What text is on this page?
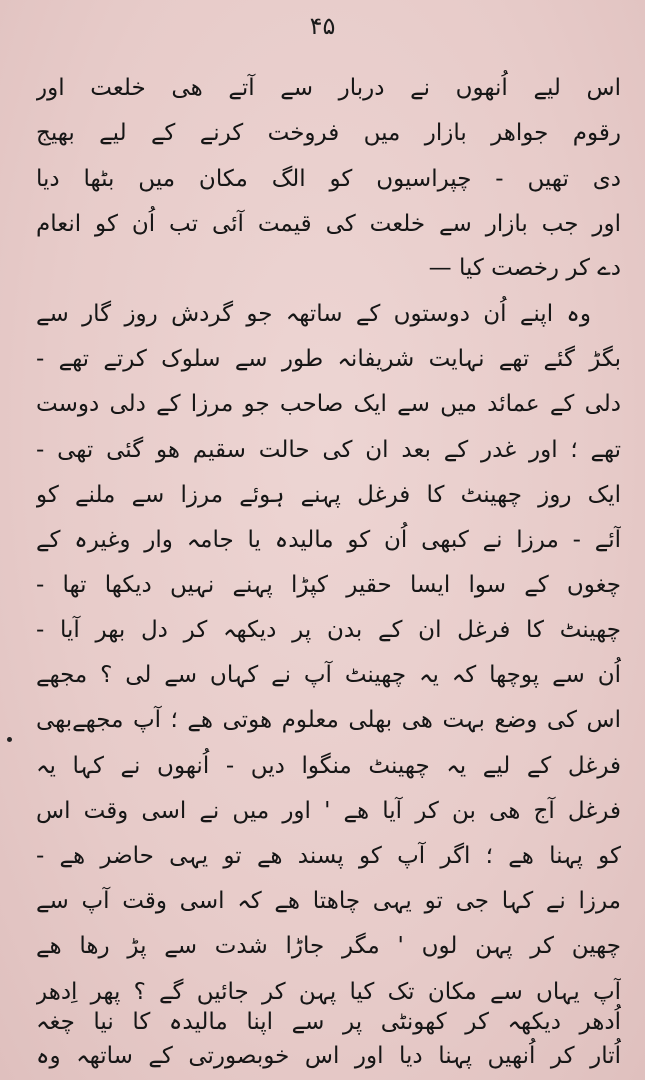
۴۵
اس لیے اُنھوں نے دربار سے آتے ھی خلعت اور
رقوم جواھر بازار میں فروخت کرنے کے لیے بھیج
دی تھیں - چپراسیوں کو الگ مکان میں بٹھا دیا
اور جب بازار سے خلعت کی قیمت آئی تب اُن کو انعام
دے کر رخصت کیا —
وہ اپنے اُن دوستوں کے ساتھہ جو گردش روز گار سے
بگڑ گئے تھے نہایت شریفانہ طور سے سلوک کرتے تھے -
دلی کے عمائد میں سے ایک صاحب جو مرزا کے دلی دوست
تھے ؛ اور غدر کے بعد ان کی حالت سقیم ھو گئی تھی -
ایک روز چھینٹ کا فرغل پہنے ہوئے مرزا سے ملنے کو
آئے - مرزا نے کبھی اُن کو مالیدہ یا جامہ وار وغیرہ کے
چغوں کے سوا ایسا حقیر کپڑا پہنے نہیں دیکھا تھا -
چھینٹ کا فرغل ان کے بدن پر دیکھہ کر دل بھر آیا -
اُن سے پوچھا کہ یہ چھینٹ آپ نے کہاں سے لی ؟ مجھے
اس کی وضع بہت ھی بھلی معلوم ھوتی ھے ؛ آپ مجھےبھی
فرغل کے لیے یہ چھینٹ منگوا دیں - اُنھوں نے کہا یہ
فرغل آج ھی بن کر آیا ھے ' اور میں نے اسی وقت اس
کو پہنا ھے ؛ اگر آپ کو پسند ھے تو یہی حاضر ھے -
مرزا نے کہا جی تو یہی چاھتا ھے کہ اسی وقت آپ سے
چھین کر پہن لوں ' مگر جاڑا شدت سے پڑ رھا ھے
آپ یہاں سے مکان تک کیا پہن کر جائیں گے ؟ پھر اِدھر
اُدھر دیکھہ کر کھونٹی پر سے اپنا مالیدہ کا نیا چغہ
اُتار کر اُنھیں پہنا دیا اور اس خوبصورتی کے ساتھہ وہ
